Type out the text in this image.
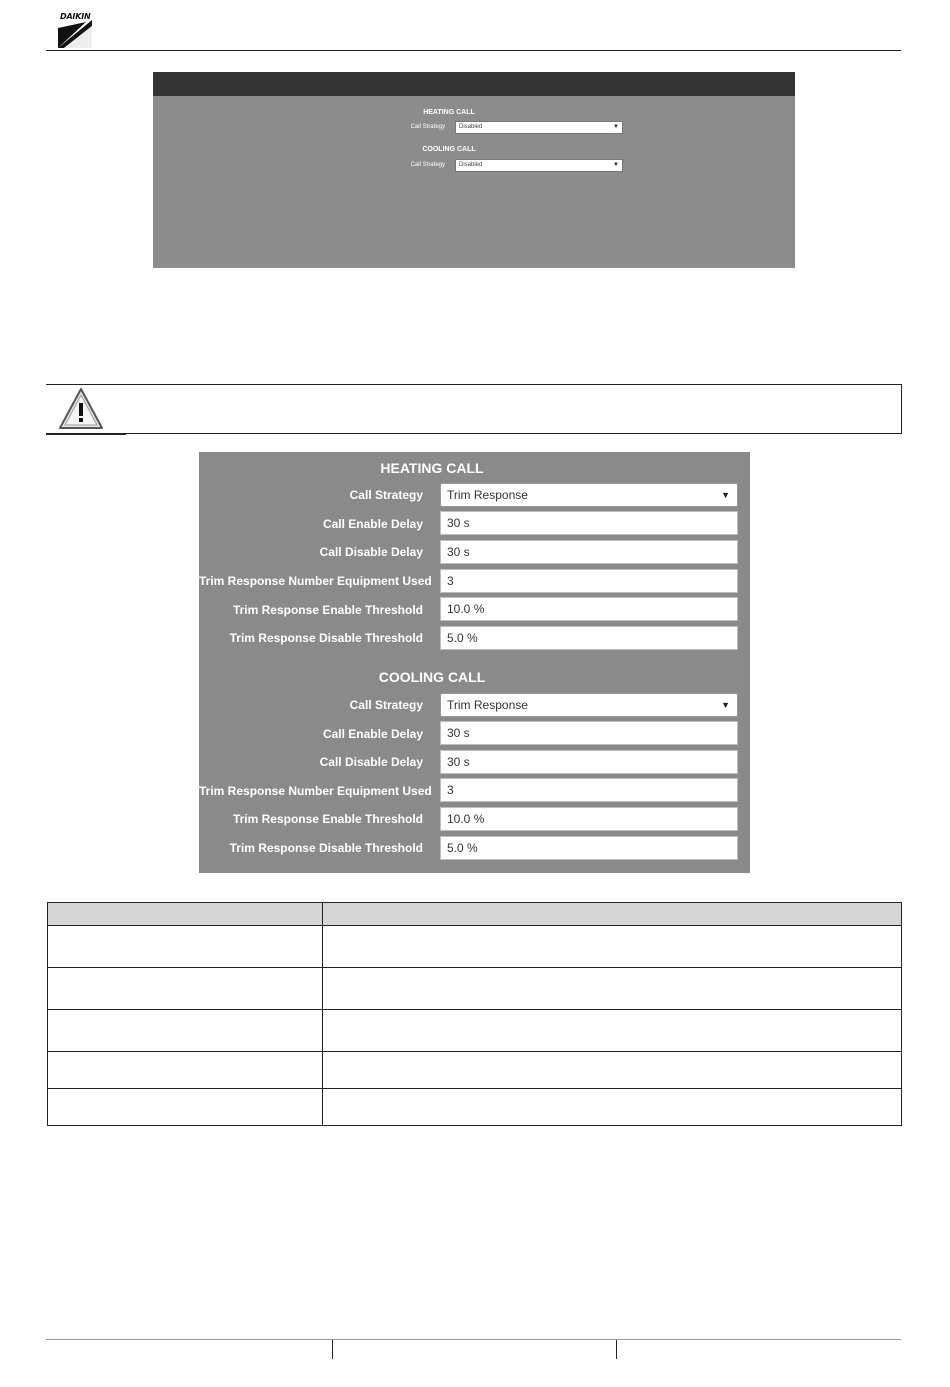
DAIKIN
HEATING CALL
Call Strategy	Disabled	▼
COOLING CALL
Call Strategy	Disabled	▼
HEATING CALL
Call Strategy	Trim Response	▼
Call Enable Delay	30 s
Call Disable Delay	30 s
Trim Response Number Equipment Used	3
Trim Response Enable Threshold	10.0 %
Trim Response Disable Threshold	5.0 %
COOLING CALL
Call Strategy	Trim Response	▼
Call Enable Delay	30 s
Call Disable Delay	30 s
Trim Response Number Equipment Used	3
Trim Response Enable Threshold	10.0 %
Trim Response Disable Threshold	5.0 %
